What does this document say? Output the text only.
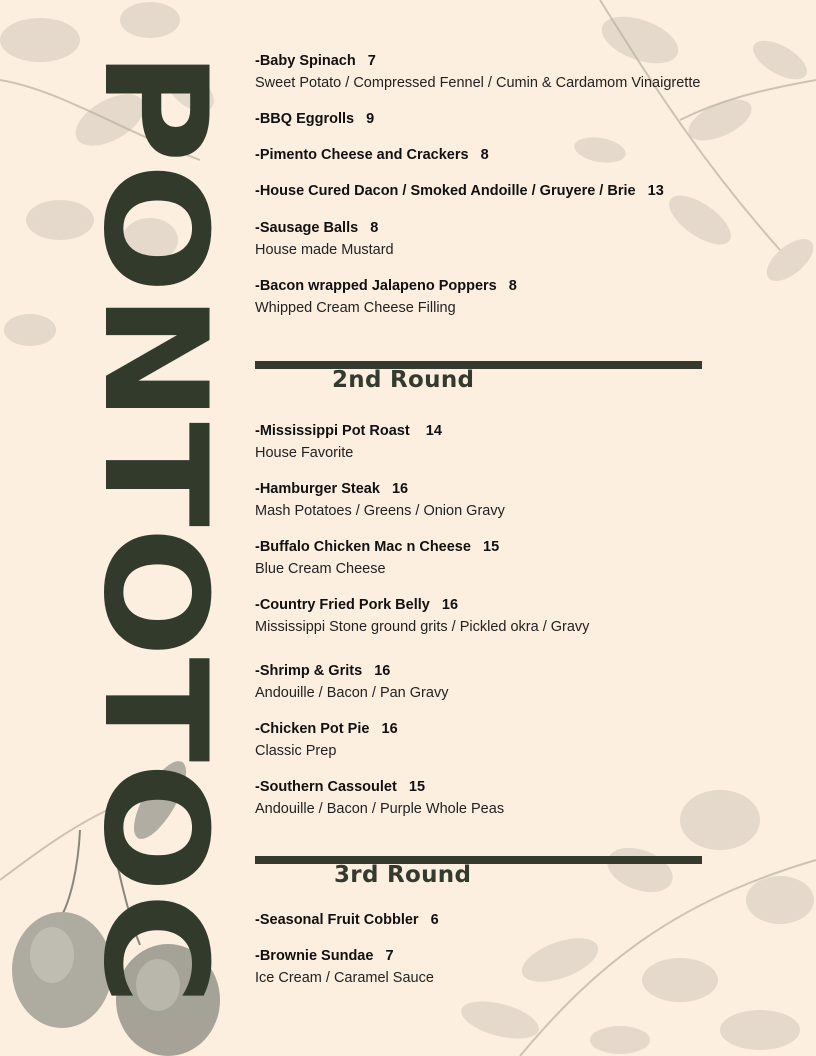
PONTOTOC -Baby Spinach   7
Sweet Potato / Compressed Fennel / Cumin & Cardamom Vinaigrette
-BBQ Eggrolls   9
-Pimento Cheese and Crackers   8
-House Cured Dacon / Smoked Andoille / Gruyere / Brie   13
-Sausage Balls   8
House made Mustard
-Bacon wrapped Jalapeno Poppers   8
Whipped Cream Cheese Filling
2nd Round
-Mississippi Pot Roast    14
House Favorite
-Hamburger Steak   16
Mash Potatoes / Greens / Onion Gravy
-Buffalo Chicken Mac n Cheese   15
Blue Cream Cheese
-Country Fried Pork Belly   16
Mississippi Stone ground grits / Pickled okra / Gravy
-Shrimp & Grits   16
Andouille / Bacon / Pan Gravy
-Chicken Pot Pie   16
Classic Prep
-Southern Cassoulet   15
Andouille / Bacon / Purple Whole Peas
3rd Round
-Seasonal Fruit Cobbler   6
-Brownie Sundae   7
Ice Cream / Caramel Sauce
